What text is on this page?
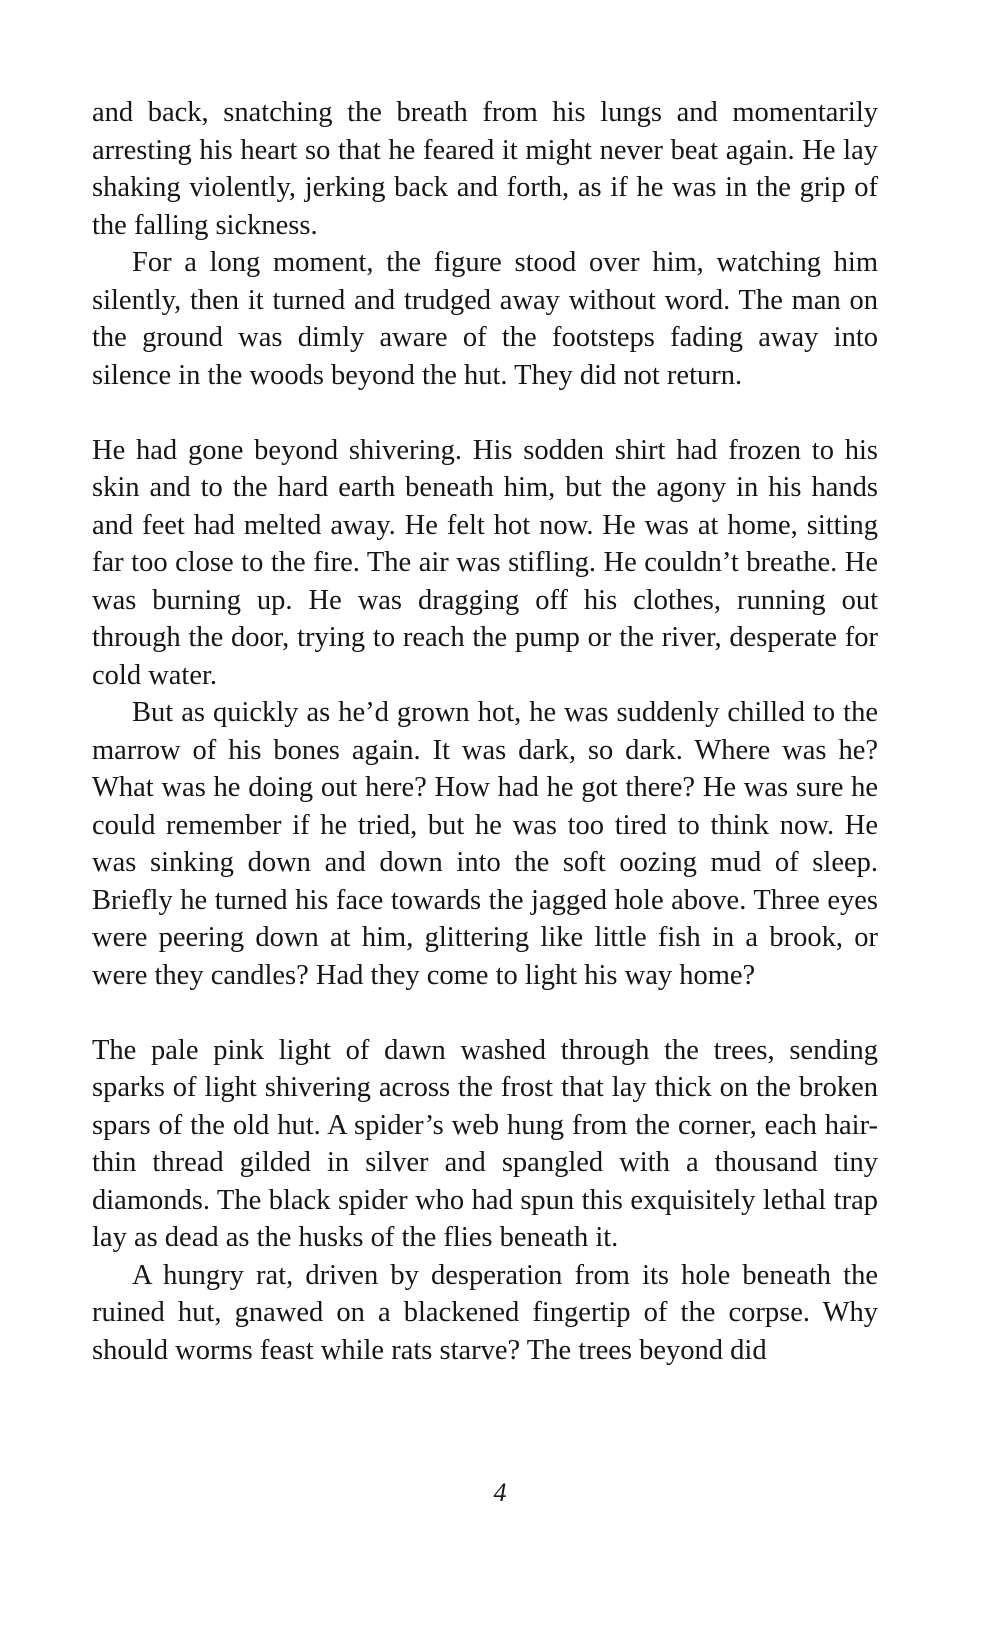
and back, snatching the breath from his lungs and momentarily arresting his heart so that he feared it might never beat again. He lay shaking violently, jerking back and forth, as if he was in the grip of the falling sickness.

For a long moment, the figure stood over him, watching him silently, then it turned and trudged away without word. The man on the ground was dimly aware of the footsteps fading away into silence in the woods beyond the hut. They did not return.

He had gone beyond shivering. His sodden shirt had frozen to his skin and to the hard earth beneath him, but the agony in his hands and feet had melted away. He felt hot now. He was at home, sitting far too close to the fire. The air was stifling. He couldn’t breathe. He was burning up. He was dragging off his clothes, running out through the door, trying to reach the pump or the river, desperate for cold water.

But as quickly as he’d grown hot, he was suddenly chilled to the marrow of his bones again. It was dark, so dark. Where was he? What was he doing out here? How had he got there? He was sure he could remember if he tried, but he was too tired to think now. He was sinking down and down into the soft oozing mud of sleep. Briefly he turned his face towards the jagged hole above. Three eyes were peering down at him, glittering like little fish in a brook, or were they candles? Had they come to light his way home?

The pale pink light of dawn washed through the trees, sending sparks of light shivering across the frost that lay thick on the broken spars of the old hut. A spider’s web hung from the corner, each hair-thin thread gilded in silver and spangled with a thousand tiny diamonds. The black spider who had spun this exquisitely lethal trap lay as dead as the husks of the flies beneath it.

A hungry rat, driven by desperation from its hole beneath the ruined hut, gnawed on a blackened fingertip of the corpse. Why should worms feast while rats starve? The trees beyond did

4
